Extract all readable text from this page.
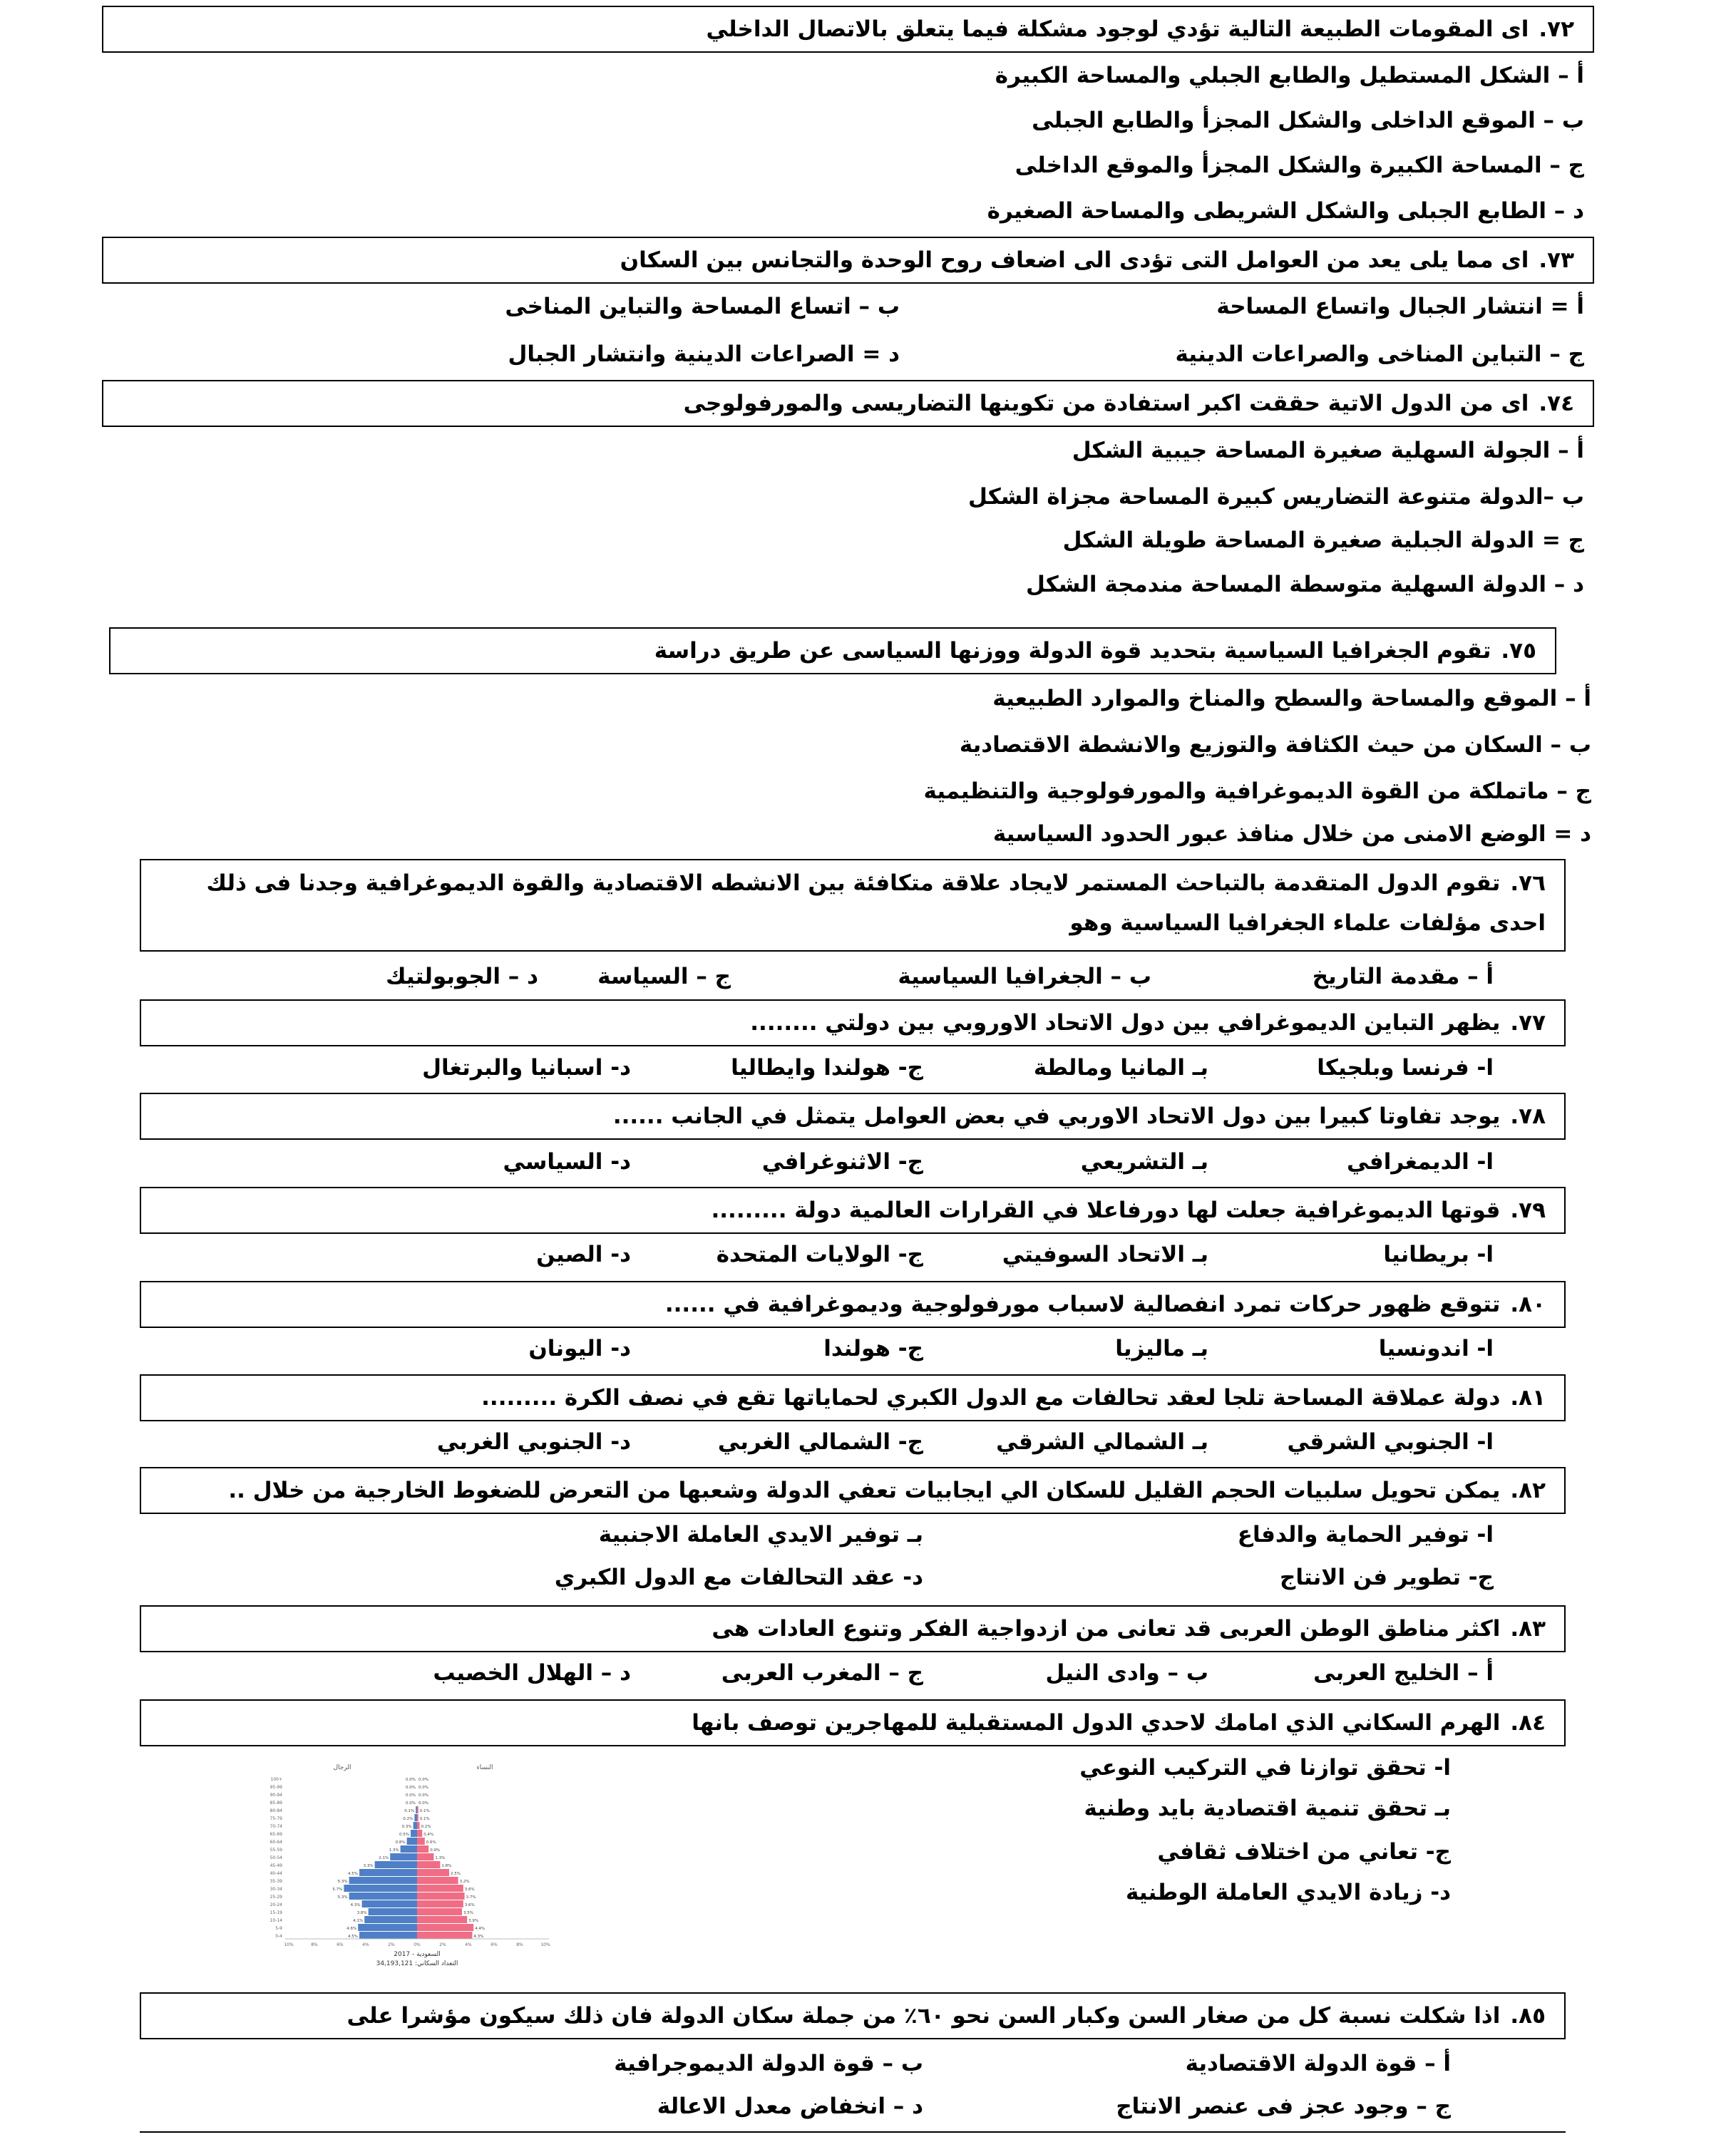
٧٢.اى المقومات الطبيعة التالية تؤدي لوجود مشكلة فيما يتعلق بالاتصال الداخلي
أ – الشكل المستطيل والطابع الجبلي والمساحة الكبيرة
ب – الموقع الداخلى والشكل المجزأ والطابع الجبلى
ج – المساحة الكبيرة والشكل المجزأ والموقع الداخلى
د – الطابع الجبلى والشكل الشريطى والمساحة الصغيرة
٧٣.اى مما يلى يعد من العوامل التى تؤدى الى اضعاف روح الوحدة والتجانس بين السكان
أ = انتشار الجبال واتساع المساحة
ب – اتساع المساحة والتباين المناخى
ج – التباين المناخى والصراعات الدينية
د = الصراعات الدينية وانتشار الجبال
٧٤.اى من الدول الاتية حققت اكبر استفادة من تكوينها التضاريسى والمورفولوجى
أ – الجولة السهلية صغيرة المساحة جيبية الشكل
ب –الدولة متنوعة التضاريس كبيرة المساحة مجزاة الشكل
ج = الدولة الجبلية صغيرة المساحة طويلة الشكل
د – الدولة السهلية متوسطة المساحة مندمجة الشكل
٧٥.تقوم الجغرافيا السياسية بتحديد قوة الدولة ووزنها السياسى عن طريق دراسة
أ – الموقع والمساحة والسطح والمناخ والموارد الطبيعية
ب – السكان من حيث الكثافة والتوزيع والانشطة الاقتصادية
ج – ماتملكة من القوة الديموغرافية والمورفولوجية والتنظيمية
د = الوضع الامنى من خلال منافذ عبور الحدود السياسية
٧٦.تقوم الدول المتقدمة بالتباحث المستمر لايجاد علاقة متكافئة بين الانشطه الاقتصادية والقوة الديموغرافية وجدنا فى ذلك احدى مؤلفات علماء الجغرافيا السياسية وهو
أ – مقدمة التاريخ
ب – الجغرافيا السياسية
ج – السياسة
د – الجوبولتيك
٧٧.يظهر التباين الديموغرافي بين دول الاتحاد الاوروبي بين دولتي ........
ا- فرنسا وبلجيكا
بـ المانيا ومالطة
ج- هولندا وايطاليا
د- اسبانيا والبرتغال
٧٨.يوجد تفاوتا كبيرا بين دول الاتحاد الاوربي في بعض العوامل يتمثل في الجانب ......
ا- الديمغرافي
بـ التشريعي
ج- الاثنوغرافي
د- السياسي
٧٩.قوتها الديموغرافية جعلت لها دورفاعلا في القرارات العالمية دولة .........
ا- بريطانيا
بـ الاتحاد السوفيتي
ج- الولايات المتحدة
د- الصين
٨٠.تتوقع ظهور حركات تمرد انفصالية لاسباب مورفولوجية وديموغرافية في ......
ا- اندونسيا
بـ ماليزيا
ج- هولندا
د- اليونان
٨١.دولة عملاقة المساحة تلجا لعقد تحالفات مع الدول الكبري لحماياتها تقع في نصف الكرة .........
ا- الجنوبي الشرقي
بـ الشمالي الشرقي
ج- الشمالي الغربي
د- الجنوبي الغربي
٨٢.يمكن تحويل سلبيات الحجم القليل للسكان الي ايجابيات تعفي الدولة وشعبها من التعرض للضغوط الخارجية من خلال ..
ا- توفير الحماية والدفاع
بـ توفير الايدي العاملة الاجنبية
ج- تطوير فن الانتاج
د- عقد التحالفات مع الدول الكبري
٨٣.اكثر مناطق الوطن العربى قد تعانى من ازدواجية الفكر وتنوع العادات هى
أ – الخليج العربى
ب – وادى النيل
ج – المغرب العربى
د – الهلال الخصيب
٨٤.الهرم السكاني الذي امامك لاحدي الدول المستقبلية للمهاجرين توصف بانها
ا- تحقق توازنا في التركيب النوعي
بـ تحقق تنمية اقتصادية بايد وطنية
ج- تعاني من اختلاف ثقافي
د- زيادة الايدي العاملة الوطنية
الرجال	النساء
100+	0.0% 0.0%
95-99	0.0% 0.0%
90-94	0.0% 0.0%
85-89	0.0% 0.0%
80-84	0.1% 0.1%
75-79	0.2% 0.1%
70-74	0.3% 0.2%
65-69	0.5%	0.4%
60-64	0.8%	0.6%
55-59	1.3%	0.9%
50-54	2.1%	1.3%
45-49	3.3%	1.8%
40-44	4.5%	2.5%
35-39	5.3%	3.2%
30-34	5.7%	3.6%
25-29	5.3%	3.7%
20-24	4.3%	3.6%
15-19	3.8%	3.5%
10-14	4.1%	3.9%
5-9	4.6%	4.4%
0-4	4.5%	4.3%
10%	8%	6%	4%	2%	0%	2%	4%	6%	8%	10%
السعودية - 2017
التعداد السكاني: 34,193,121
٨٥.اذا شكلت نسبة كل من صغار السن وكبار السن نحو ٦٠٪ من جملة سكان الدولة فان ذلك سيكون مؤشرا على
أ – قوة الدولة الاقتصادية
ب – قوة الدولة الديموجرافية
ج – وجود عجز فى عنصر الانتاج
د – انخفاض معدل الاعالة
